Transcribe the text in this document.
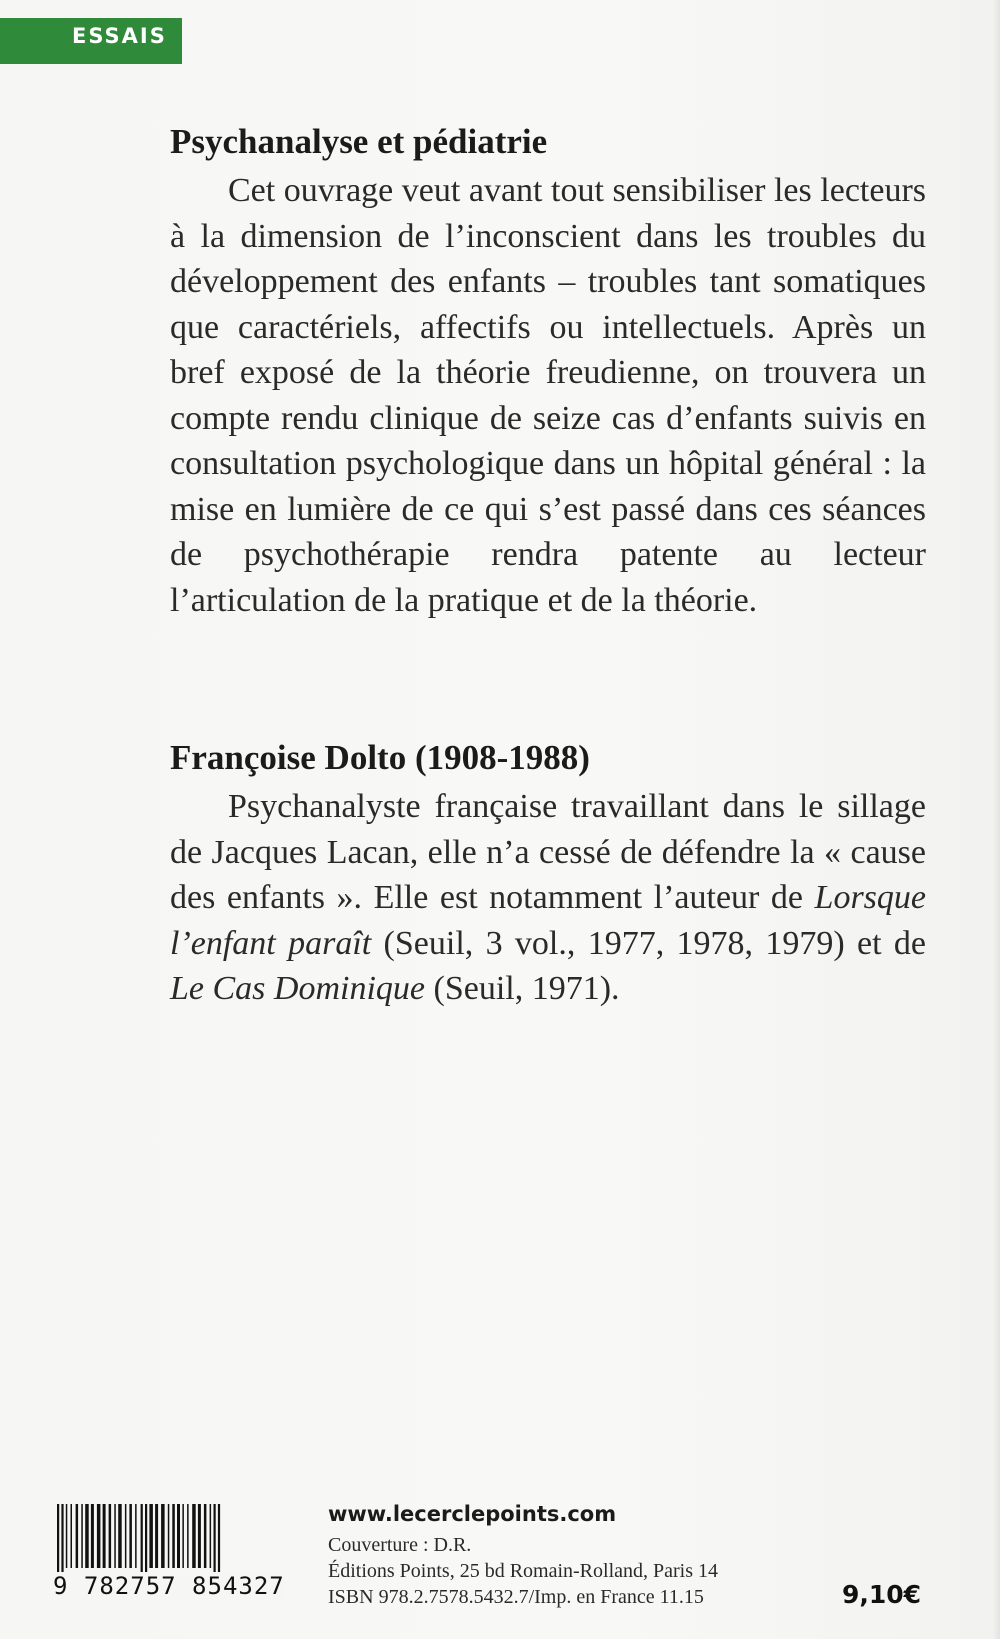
ESSAIS
Psychanalyse et pédiatrie

Cet ouvrage veut avant tout sensibiliser les lecteurs à la dimension de l’inconscient dans les troubles du développement des enfants – troubles tant somatiques que caractériels, affectifs ou intellectuels. Après un bref exposé de la théorie freudienne, on trouvera un compte rendu clinique de seize cas d’enfants suivis en consultation psychologique dans un hôpital général : la mise en lumière de ce qui s’est passé dans ces séances de psychothérapie rendra patente au lecteur l’articulation de la pratique et de la théorie.

Françoise Dolto (1908-1988)

Psychanalyste française travaillant dans le sillage de Jacques Lacan, elle n’a cessé de défendre la « cause des enfants ». Elle est notamment l’auteur de Lorsque l’enfant paraît (Seuil, 3 vol., 1977, 1978, 1979) et de Le Cas Dominique (Seuil, 1971).

9 782757 854327

www.lecerclepoints.com

Couverture : D.R.

Éditions Points, 25 bd Romain-Rolland, Paris 14

ISBN 978.2.7578.5432.7/Imp. en France 11.15	9,10€
